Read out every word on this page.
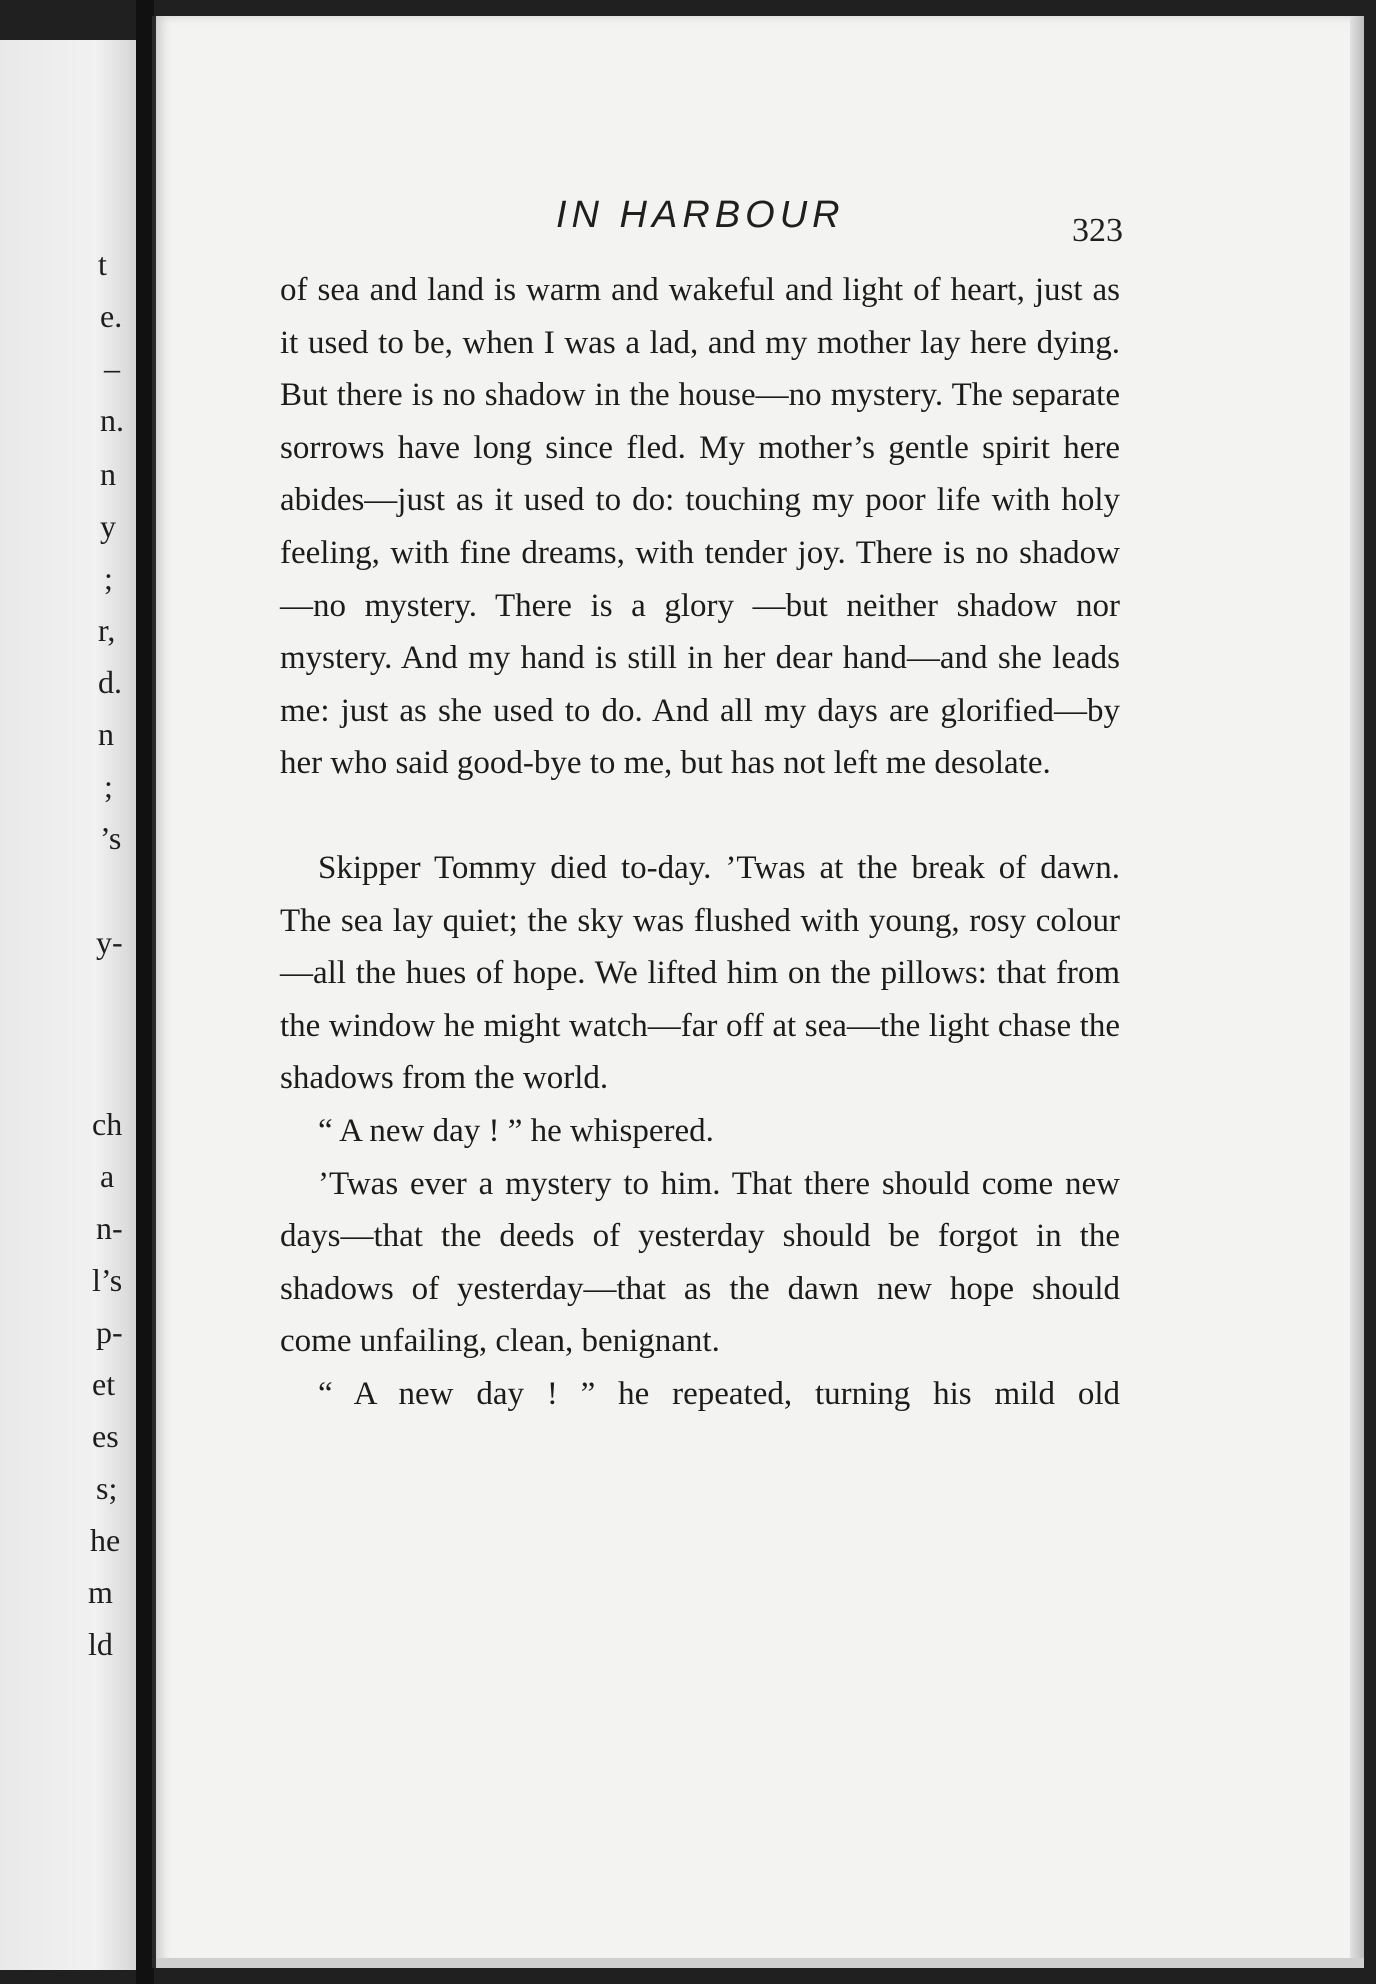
t
e.
–
n.
n
y
;
r,
d.
n
;
’s
y-
ch
a
n-
l’s
p-
et
es
s;
he
m
ld
IN HARBOUR	323

of sea and land is warm and wakeful and light of heart, just as it used to be, when I was a lad, and my mother lay here dying. But there is no shadow in the house—no mystery. The separate sorrows have long since fled. My mother’s gentle spirit here abides—just as it used to do: touching my poor life with holy feeling, with fine dreams, with tender joy. There is no shadow—no mystery. There is a glory —but neither shadow nor mystery. And my hand is still in her dear hand—and she leads me: just as she used to do. And all my days are glorified—by her who said good-bye to me, but has not left me desolate.

Skipper Tommy died to-day. ’Twas at the break of dawn. The sea lay quiet; the sky was flushed with young, rosy colour—all the hues of hope. We lifted him on the pillows: that from the window he might watch—far off at sea—the light chase the shadows from the world.

“ A new day ! ” he whispered.

’Twas ever a mystery to him. That there should come new days—that the deeds of yesterday should be forgot in the shadows of yesterday—that as the dawn new hope should come unfailing, clean, benignant.

“ A new day ! ” he repeated, turning his mild old
